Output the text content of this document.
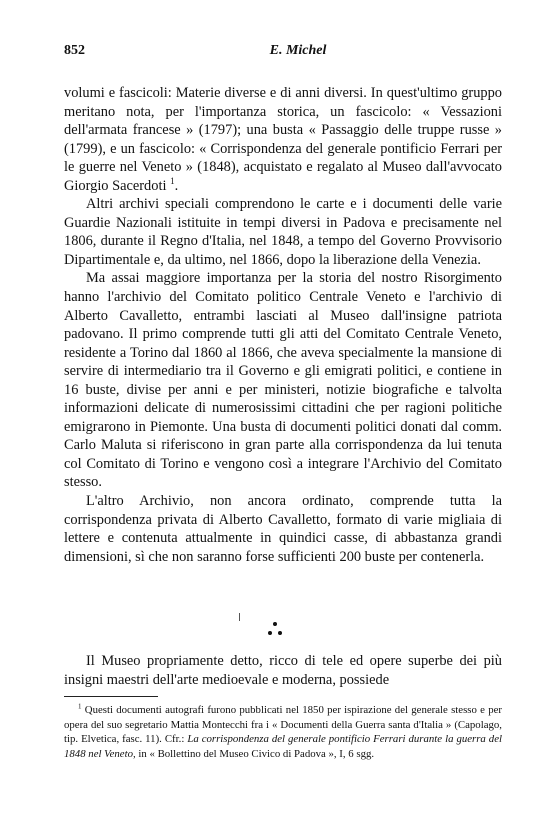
852	E. Michel

volumi e fascicoli: Materie diverse e di anni diversi. In quest'ultimo gruppo meritano nota, per l'importanza storica, un fascicolo: « Vessazioni dell'armata francese » (1797); una busta « Passaggio delle truppe russe » (1799), e un fascicolo: « Corrispondenza del generale pontificio Ferrari per le guerre nel Veneto » (1848), acquistato e regalato al Museo dall'avvocato Giorgio Sacerdoti $^1$.

Altri archivi speciali comprendono le carte e i documenti delle varie Guardie Nazionali istituite in tempi diversi in Padova e precisamente nel 1806, durante il Regno d'Italia, nel 1848, a tempo del Governo Provvisorio Dipartimentale e, da ultimo, nel 1866, dopo la liberazione della Venezia.

Ma assai maggiore importanza per la storia del nostro Risorgimento hanno l'archivio del Comitato politico Centrale Veneto e l'archivio di Alberto Cavalletto, entrambi lasciati al Museo dall'insigne patriota padovano. Il primo comprende tutti gli atti del Comitato Centrale Veneto, residente a Torino dal 1860 al 1866, che aveva specialmente la mansione di servire di intermediario tra il Governo e gli emigrati politici, e contiene in 16 buste, divise per anni e per ministeri, notizie biografiche e talvolta informazioni delicate di numerosissimi cittadini che per ragioni politiche emigrarono in Piemonte. Una busta di documenti politici donati dal comm. Carlo Maluta si riferiscono in gran parte alla corrispondenza da lui tenuta col Comitato di Torino e vengono così a integrare l'Archivio del Comitato stesso.

L'altro Archivio, non ancora ordinato, comprende tutta la corrispondenza privata di Alberto Cavalletto, formato di varie migliaia di lettere e contenuta attualmente in quindici casse, di abbastanza grandi dimensioni, sì che non saranno forse sufficienti 200 buste per contenerla.

Il Museo propriamente detto, ricco di tele ed opere superbe dei più insigni maestri dell'arte medioevale e moderna, possiede

$^1$ Questi documenti autografi furono pubblicati nel 1850 per ispirazione del generale stesso e per opera del suo segretario Mattia Montecchi fra i « Documenti della Guerra santa d'Italia » (Capolago, tip. Elvetica, fasc. 11). Cfr.: La corrispondenza del generale pontificio Ferrari durante la guerra del 1848 nel Veneto, in « Bollettino del Museo Civico di Padova », I, 6 sgg.
